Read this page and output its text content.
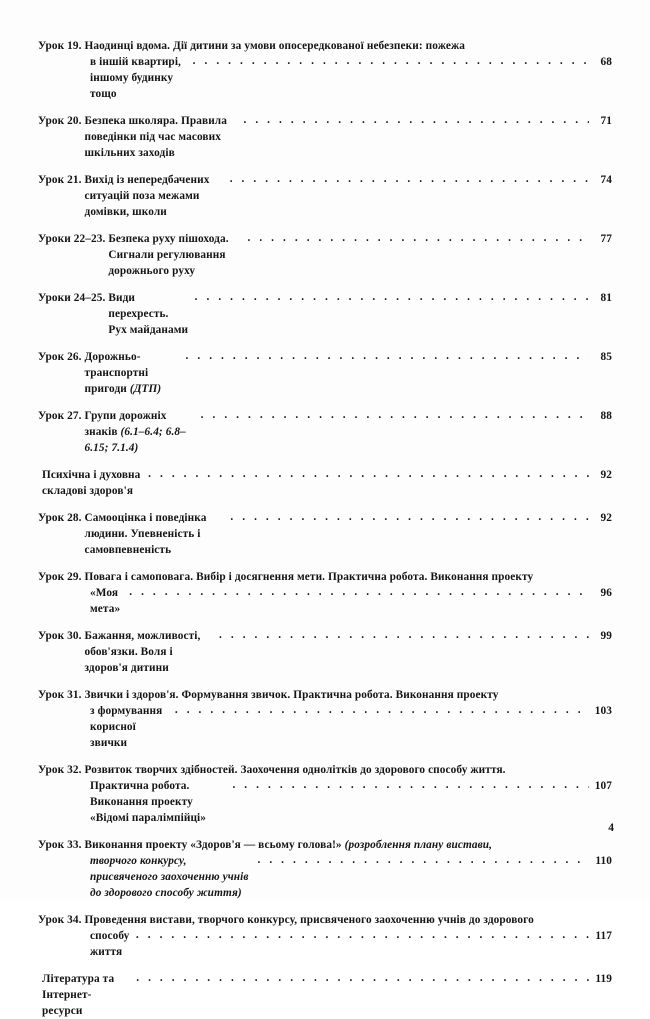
Урок 19.
Наодинці вдома. Дії дитини за умови опосередкованої небезпеки: пожежа
в іншій квартирі, іншому будинку тощо
. . .
68
Урок 20.
Безпека школяра. Правила поведінки під час масових шкільних заходів
. . .
71
Урок 21.
Вихід із непередбачених ситуацій поза межами домівки, школи
. . .
74
Уроки 22–23.
Безпека руху пішохода. Сигнали регулювання дорожнього руху
. . .
77
Уроки 24–25.
Види перехресть. Рух майданами
. . .
81
Урок 26.
Дорожньо-транспортні пригоди (ДТП)
. . .
85
Урок 27.
Групи дорожніх знаків (6.1–6.4; 6.8–6.15; 7.1.4)
. . .
88
Психічна і духовна складові здоров'я
. . .
92
Урок 28.
Самооцінка і поведінка людини. Упевненість і самовпевненість
. . .
92
Урок 29.
Повага і самоповага. Вибір і досягнення мети. Практична робота. Виконання проекту
«Моя мета»
. . .
96
Урок 30.
Бажання, можливості, обов'язки. Воля і здоров'я дитини
. . .
99
Урок 31.
Звички і здоров'я. Формування звичок. Практична робота. Виконання проекту
з формування корисної звички
. . .
103
Урок 32.
Розвиток творчих здібностей. Заохочення однолітків до здорового способу життя.
Практична робота. Виконання проекту «Відомі паралімпійці»
. . .
107
Урок 33.
Виконання проекту «Здоров'я — всьому голова!» (розроблення плану вистави,
творчого конкурсу, присвяченого заохоченню учнів до здорового способу життя)
. . .
110
Урок 34.
Проведення вистави, творчого конкурсу, присвяченого заохоченню учнів до здорового
способу життя
. . .
117
Література та Інтернет-ресурси
. . .
119
4
